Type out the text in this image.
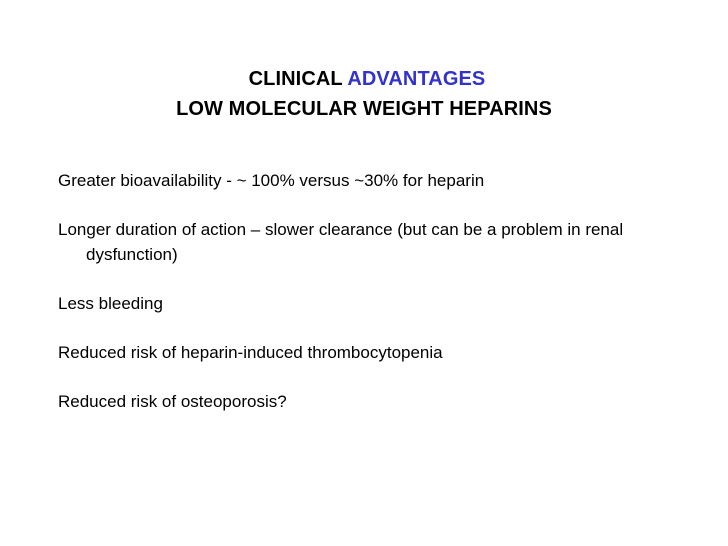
CLINICAL ADVANTAGES
LOW MOLECULAR WEIGHT HEPARINS
Greater bioavailability - ~ 100% versus ~30% for heparin
Longer duration of action – slower clearance (but can be a problem in renal dysfunction)
Less bleeding
Reduced risk of heparin-induced thrombocytopenia
Reduced risk of osteoporosis?
